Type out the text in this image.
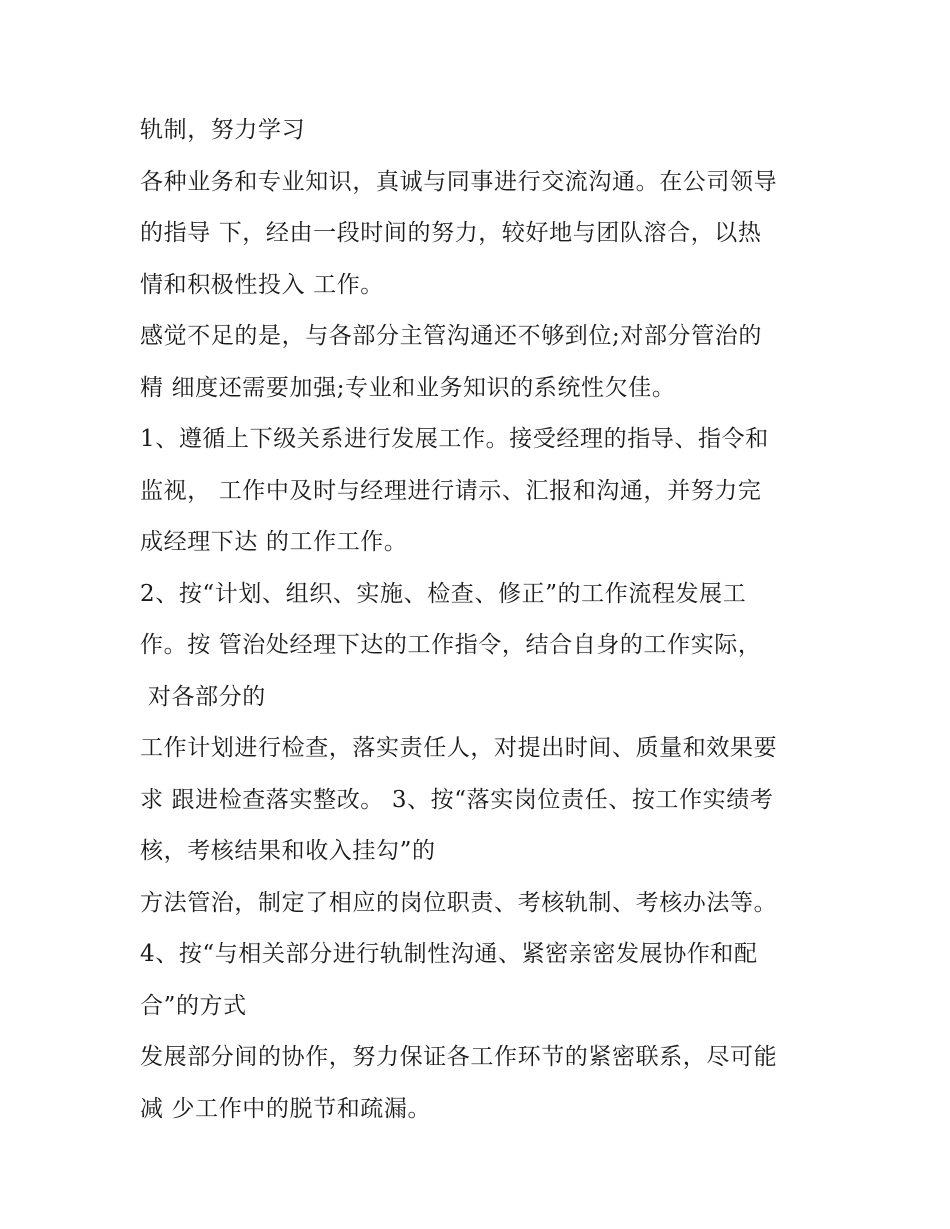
轨制，努力学习
各种业务和专业知识，真诚与同事进行交流沟通。在公司领导
的指导 下，经由一段时间的努力，较好地与团队溶合，以热
情和积极性投入 工作。
感觉不足的是，与各部分主管沟通还不够到位;对部分管治的
精 细度还需要加强;专业和业务知识的系统性欠佳。
1、遵循上下级关系进行发展工作。接受经理的指导、指令和
监视， 工作中及时与经理进行请示、汇报和沟通，并努力完
成经理下达 的工作工作。
2、按“计划、组织、实施、检查、修正”的工作流程发展工
作。按 管治处经理下达的工作指令，结合自身的工作实际，
对各部分的
工作计划进行检查，落实责任人，对提出时间、质量和效果要
求 跟进检查落实整改。 3、按“落实岗位责任、按工作实绩考
核，考核结果和收入挂勾”的
方法管治，制定了相应的岗位职责、考核轨制、考核办法等。
4、按“与相关部分进行轨制性沟通、紧密亲密发展协作和配
合”的方式
发展部分间的协作，努力保证各工作环节的紧密联系，尽可能
减 少工作中的脱节和疏漏。
